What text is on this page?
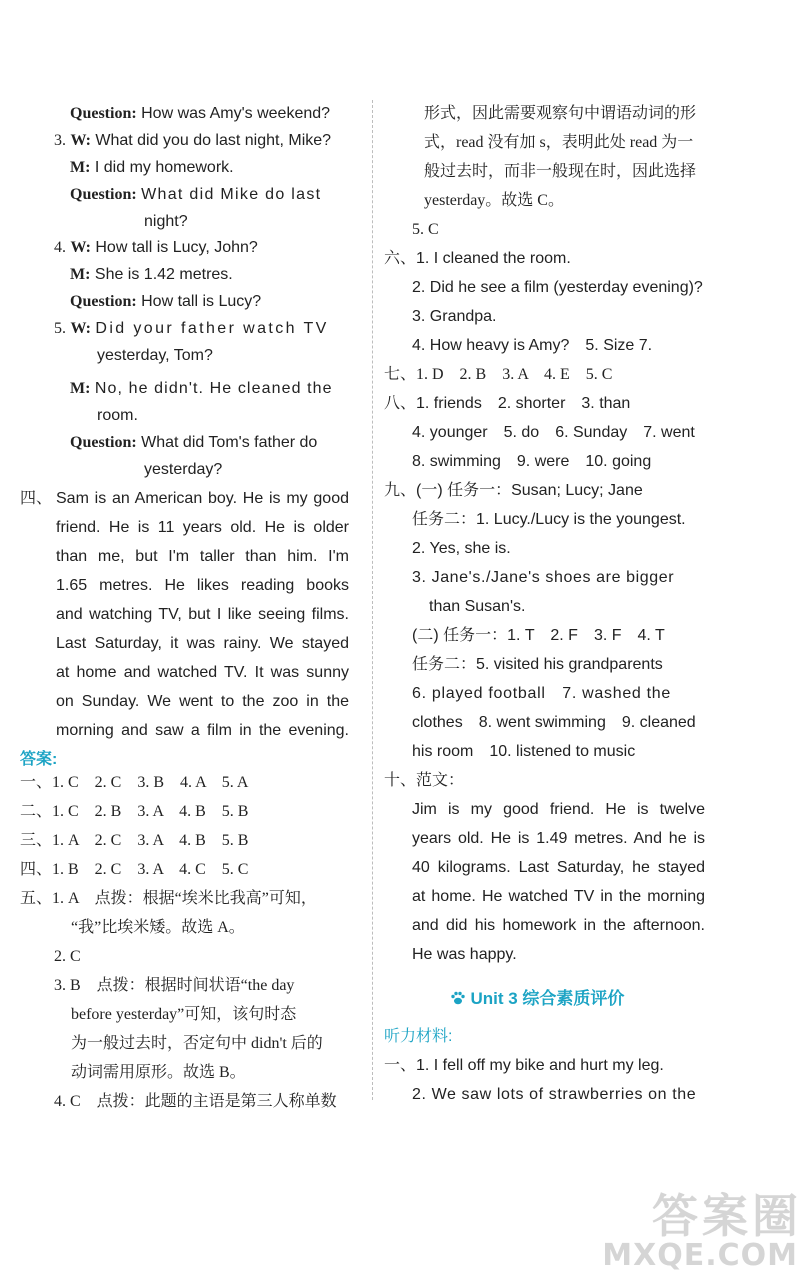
Question: How was Amy's weekend?
3. W: What did you do last night, Mike?
M: I did my homework.
Question: What did Mike do last
night?
4. W: How tall is Lucy, John?
M: She is 1.42 metres.
Question: How tall is Lucy?
5. W: Did your father watch TV
yesterday, Tom?
M: No, he didn't. He cleaned the
room.
Question: What did Tom's father do
yesterday?
四、 Sam is an American boy. He is my good
friend. He is 11 years old. He is older
than me, but I'm taller than him. I'm
1.65 metres. He likes reading books
and watching TV, but I like seeing films.
Last Saturday, it was rainy. We stayed
at home and watched TV. It was sunny
on Sunday. We went to the zoo in the
morning and saw a film in the evening.
答案:
一、1. C　2. C　3. B　4. A　5. A
二、1. C　2. B　3. A　4. B　5. B
三、1. A　2. C　3. A　4. B　5. B
四、1. B　2. C　3. A　4. C　5. C
五、1. A　点拨：根据“埃米比我高”可知，
“我”比埃米矮。故选 A。
2. C
3. B　点拨：根据时间状语“the day
before yesterday”可知，该句时态
为一般过去时，否定句中 didn't 后的
动词需用原形。故选 B。
4. C　点拨：此题的主语是第三人称单数
形式，因此需要观察句中谓语动词的形
式，read 没有加 s，表明此处 read 为一
般过去时，而非一般现在时，因此选择
yesterday。故选 C。
5. C
六、1. I cleaned the room.
2. Did he see a film (yesterday evening)?
3. Grandpa.
4. How heavy is Amy?　5. Size 7.
七、1. D　2. B　3. A　4. E　5. C
八、1. friends　2. shorter　3. than
4. younger　5. do　6. Sunday　7. went
8. swimming　9. were　10. going
九、(一) 任务一：Susan; Lucy; Jane
任务二：1. Lucy./Lucy is the youngest.
2. Yes, she is.
3. Jane's./Jane's shoes are bigger
than Susan's.
(二) 任务一：1. T　2. F　3. F　4. T
任务二：5. visited his grandparents
6. played football　7. washed the
clothes　8. went swimming　9. cleaned
his room　10. listened to music
十、范文：
Jim is my good friend. He is twelve
years old. He is 1.49 metres. And he is
40 kilograms. Last Saturday, he stayed
at home. He watched TV in the morning
and did his homework in the afternoon.
He was happy.
Unit 3 综合素质评价
听力材料:
一、1. I fell off my bike and hurt my leg.
2. We saw lots of strawberries on the
答案圈
MXQE.COM
